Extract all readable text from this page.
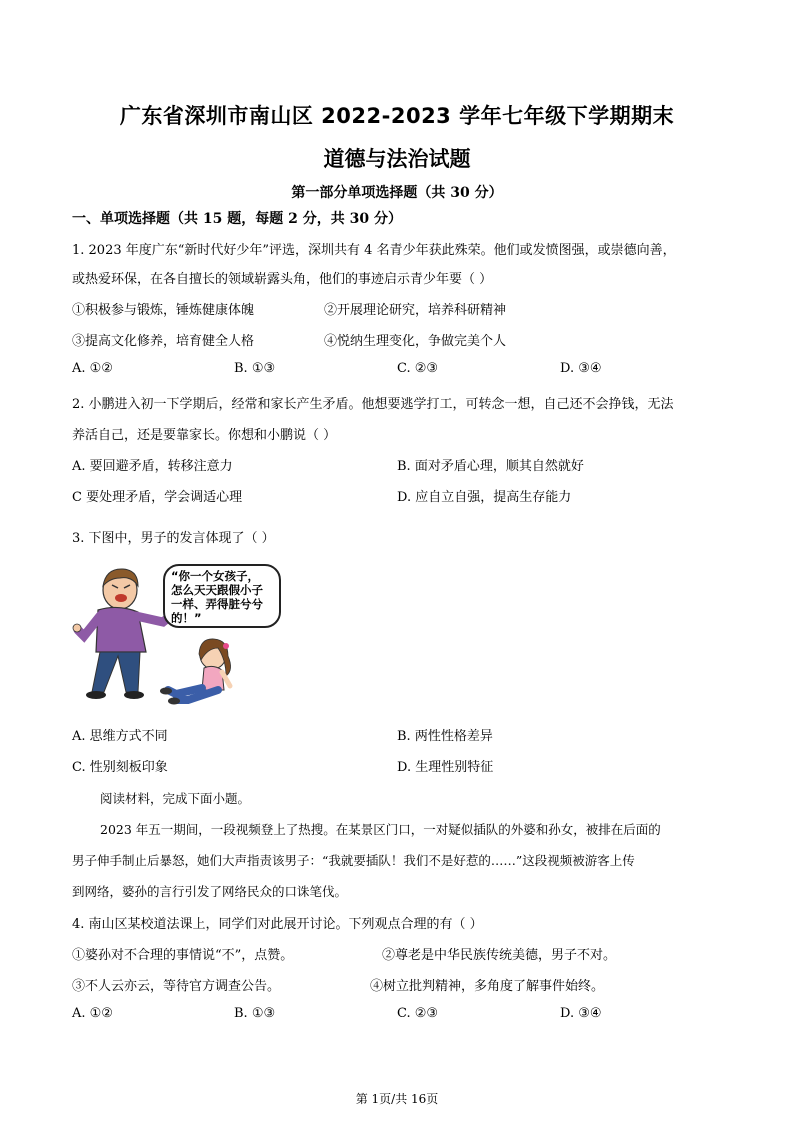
广东省深圳市南山区 2022-2023 学年七年级下学期期末
道德与法治试题
第一部分单项选择题（共 30 分）
一、单项选择题（共 15 题，每题 2 分，共 30 分）
1. 2023 年度广东“新时代好少年”评选，深圳共有 4 名青少年获此殊荣。他们或发愤图强，或崇德向善，
或热爱环保，在各自擅长的领域崭露头角，他们的事迹启示青少年要（ ）
①积极参与锻炼，锤炼健康体魄	②开展理论研究，培养科研精神
③提高文化修养，培育健全人格	④悦纳生理变化，争做完美个人
A. ①②	B. ①③	C. ②③	D. ③④
2. 小鹏进入初一下学期后，经常和家长产生矛盾。他想要逃学打工，可转念一想，自己还不会挣钱，无法
养活自己，还是要靠家长。你想和小鹏说（ ）
A. 要回避矛盾，转移注意力	B. 面对矛盾心理，顺其自然就好
C 要处理矛盾，学会调适心理	D. 应自立自强，提高生存能力
3. 下图中，男子的发言体现了（ ）
“你一个女孩子，
怎么天天跟假小子
一样、弄得脏兮兮
的！”
A. 思维方式不同	B. 两性性格差异
C. 性别刻板印象	D. 生理性别特征
阅读材料，完成下面小题。
2023 年五一期间，一段视频登上了热搜。在某景区门口，一对疑似插队的外婆和孙女，被排在后面的
男子伸手制止后暴怒，她们大声指责该男子：“我就要插队！我们不是好惹的……”这段视频被游客上传
到网络，婆孙的言行引发了网络民众的口诛笔伐。
4. 南山区某校道法课上，同学们对此展开讨论。下列观点合理的有（ ）
①婆孙对不合理的事情说“不”，点赞。	②尊老是中华民族传统美德，男子不对。
③不人云亦云，等待官方调查公告。	④树立批判精神，多角度了解事件始终。
A. ①②	B. ①③	C. ②③	D. ③④
第 1页/共 16页
